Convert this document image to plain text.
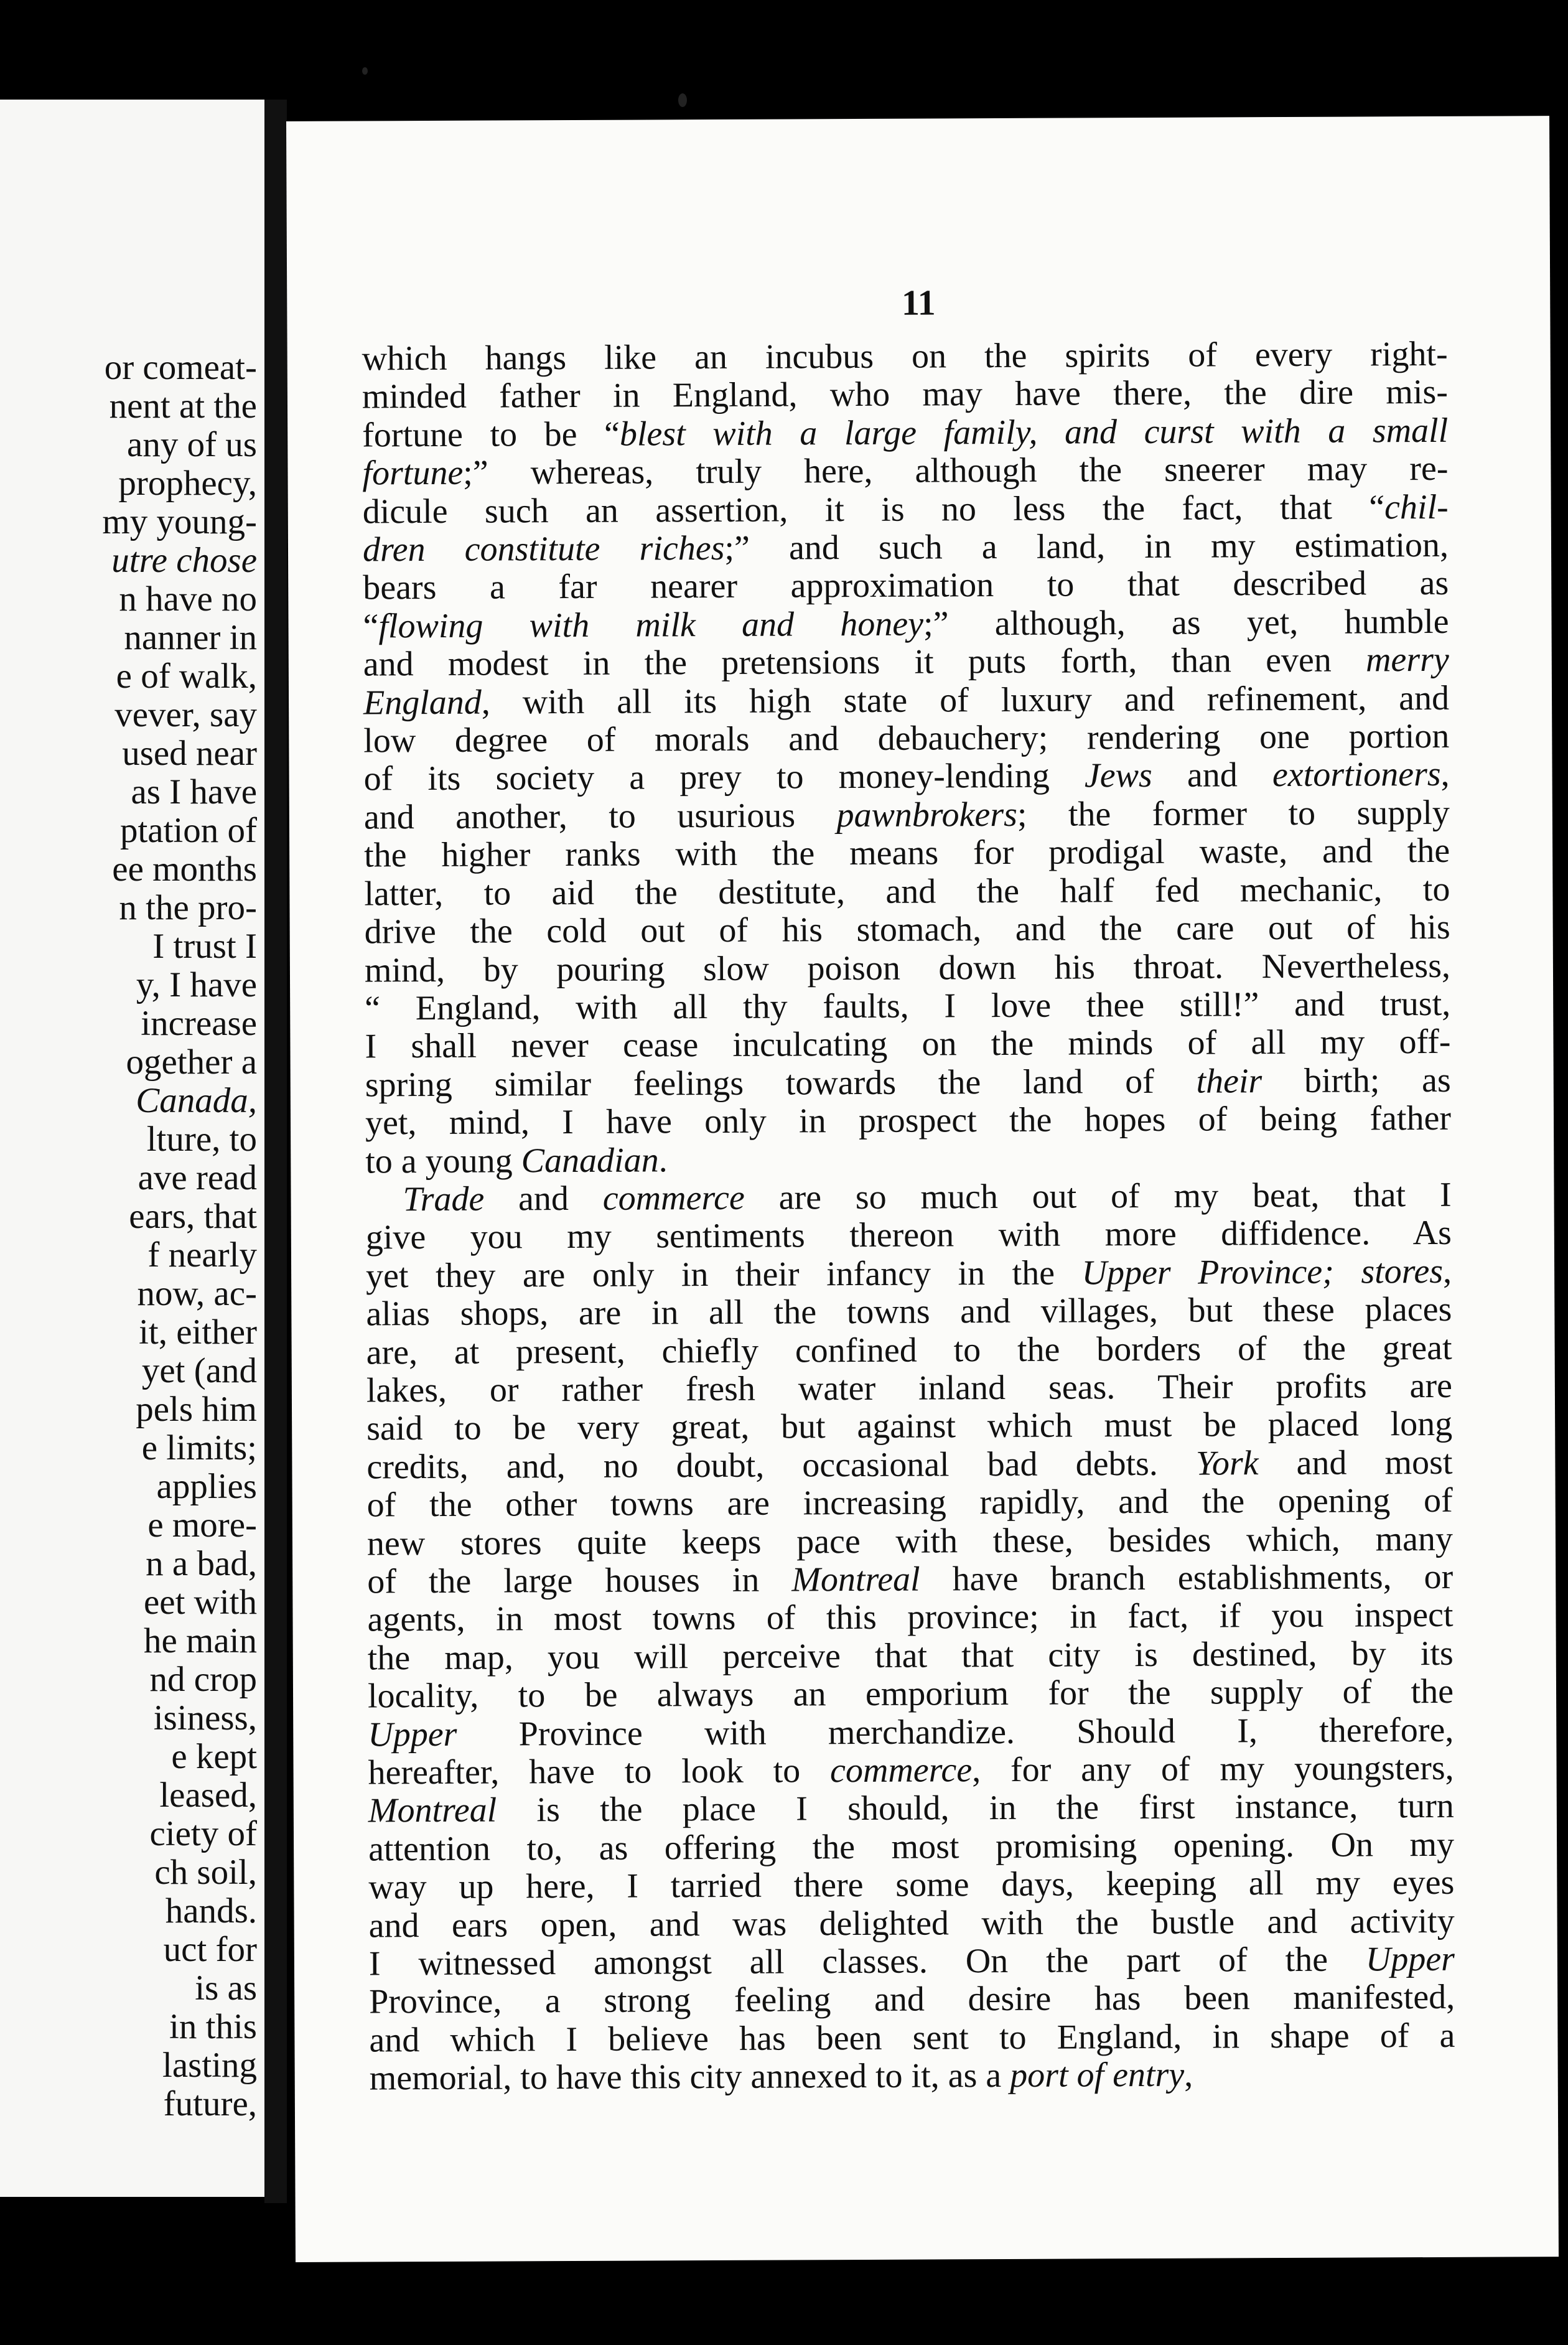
or comeat-
nent at the
any of us
prophecy,
my young-
utre chose
n have no
nanner in
e of walk,
vever, say
used near
as I have
ptation of
ee months
n the pro-
I trust I
y, I have
increase
ogether a
Canada,
lture, to
ave read
ears, that
f nearly
now, ac-
it, either
yet (and
pels him
e limits;
applies
e more-
n a bad,
eet with
he main
nd crop
isiness,
e kept
leased,
ciety of
ch soil,
hands.
uct for
is as
in this
lasting
future,
11
which hangs like an incubus on the spirits of every right-
minded father in England, who may have there, the dire mis-
fortune to be “blest with a large family, and curst with a small
fortune;” whereas, truly here, although the sneerer may re-
dicule such an assertion, it is no less the fact, that “chil-
dren constitute riches;” and such a land, in my estimation,
bears a far nearer approximation to that described as
“flowing with milk and honey;” although, as yet, humble
and modest in the pretensions it puts forth, than even merry
England, with all its high state of luxury and refinement, and
low degree of morals and debauchery; rendering one portion
of its society a prey to money-lending Jews and extortioners,
and another, to usurious pawnbrokers; the former to supply
the higher ranks with the means for prodigal waste, and the
latter, to aid the destitute, and the half fed mechanic, to
drive the cold out of his stomach, and the care out of his
mind, by pouring slow poison down his throat. Nevertheless,
“ England, with all thy faults, I love thee still!” and trust,
I shall never cease inculcating on the minds of all my off-
spring similar feelings towards the land of their birth; as
yet, mind, I have only in prospect the hopes of being father
to a young Canadian.
Trade and commerce are so much out of my beat, that I
give you my sentiments thereon with more diffidence. As
yet they are only in their infancy in the Upper Province; stores,
alias shops, are in all the towns and villages, but these places
are, at present, chiefly confined to the borders of the great
lakes, or rather fresh water inland seas. Their profits are
said to be very great, but against which must be placed long
credits, and, no doubt, occasional bad debts. York and most
of the other towns are increasing rapidly, and the opening of
new stores quite keeps pace with these, besides which, many
of the large houses in Montreal have branch establishments, or
agents, in most towns of this province; in fact, if you inspect
the map, you will perceive that that city is destined, by its
locality, to be always an emporium for the supply of the
Upper Province with merchandize. Should I, therefore,
hereafter, have to look to commerce, for any of my youngsters,
Montreal is the place I should, in the first instance, turn
attention to, as offering the most promising opening. On my
way up here, I tarried there some days, keeping all my eyes
and ears open, and was delighted with the bustle and activity
I witnessed amongst all classes. On the part of the Upper
Province, a strong feeling and desire has been manifested,
and which I believe has been sent to England, in shape of a
memorial, to have this city annexed to it, as a port of entry,
